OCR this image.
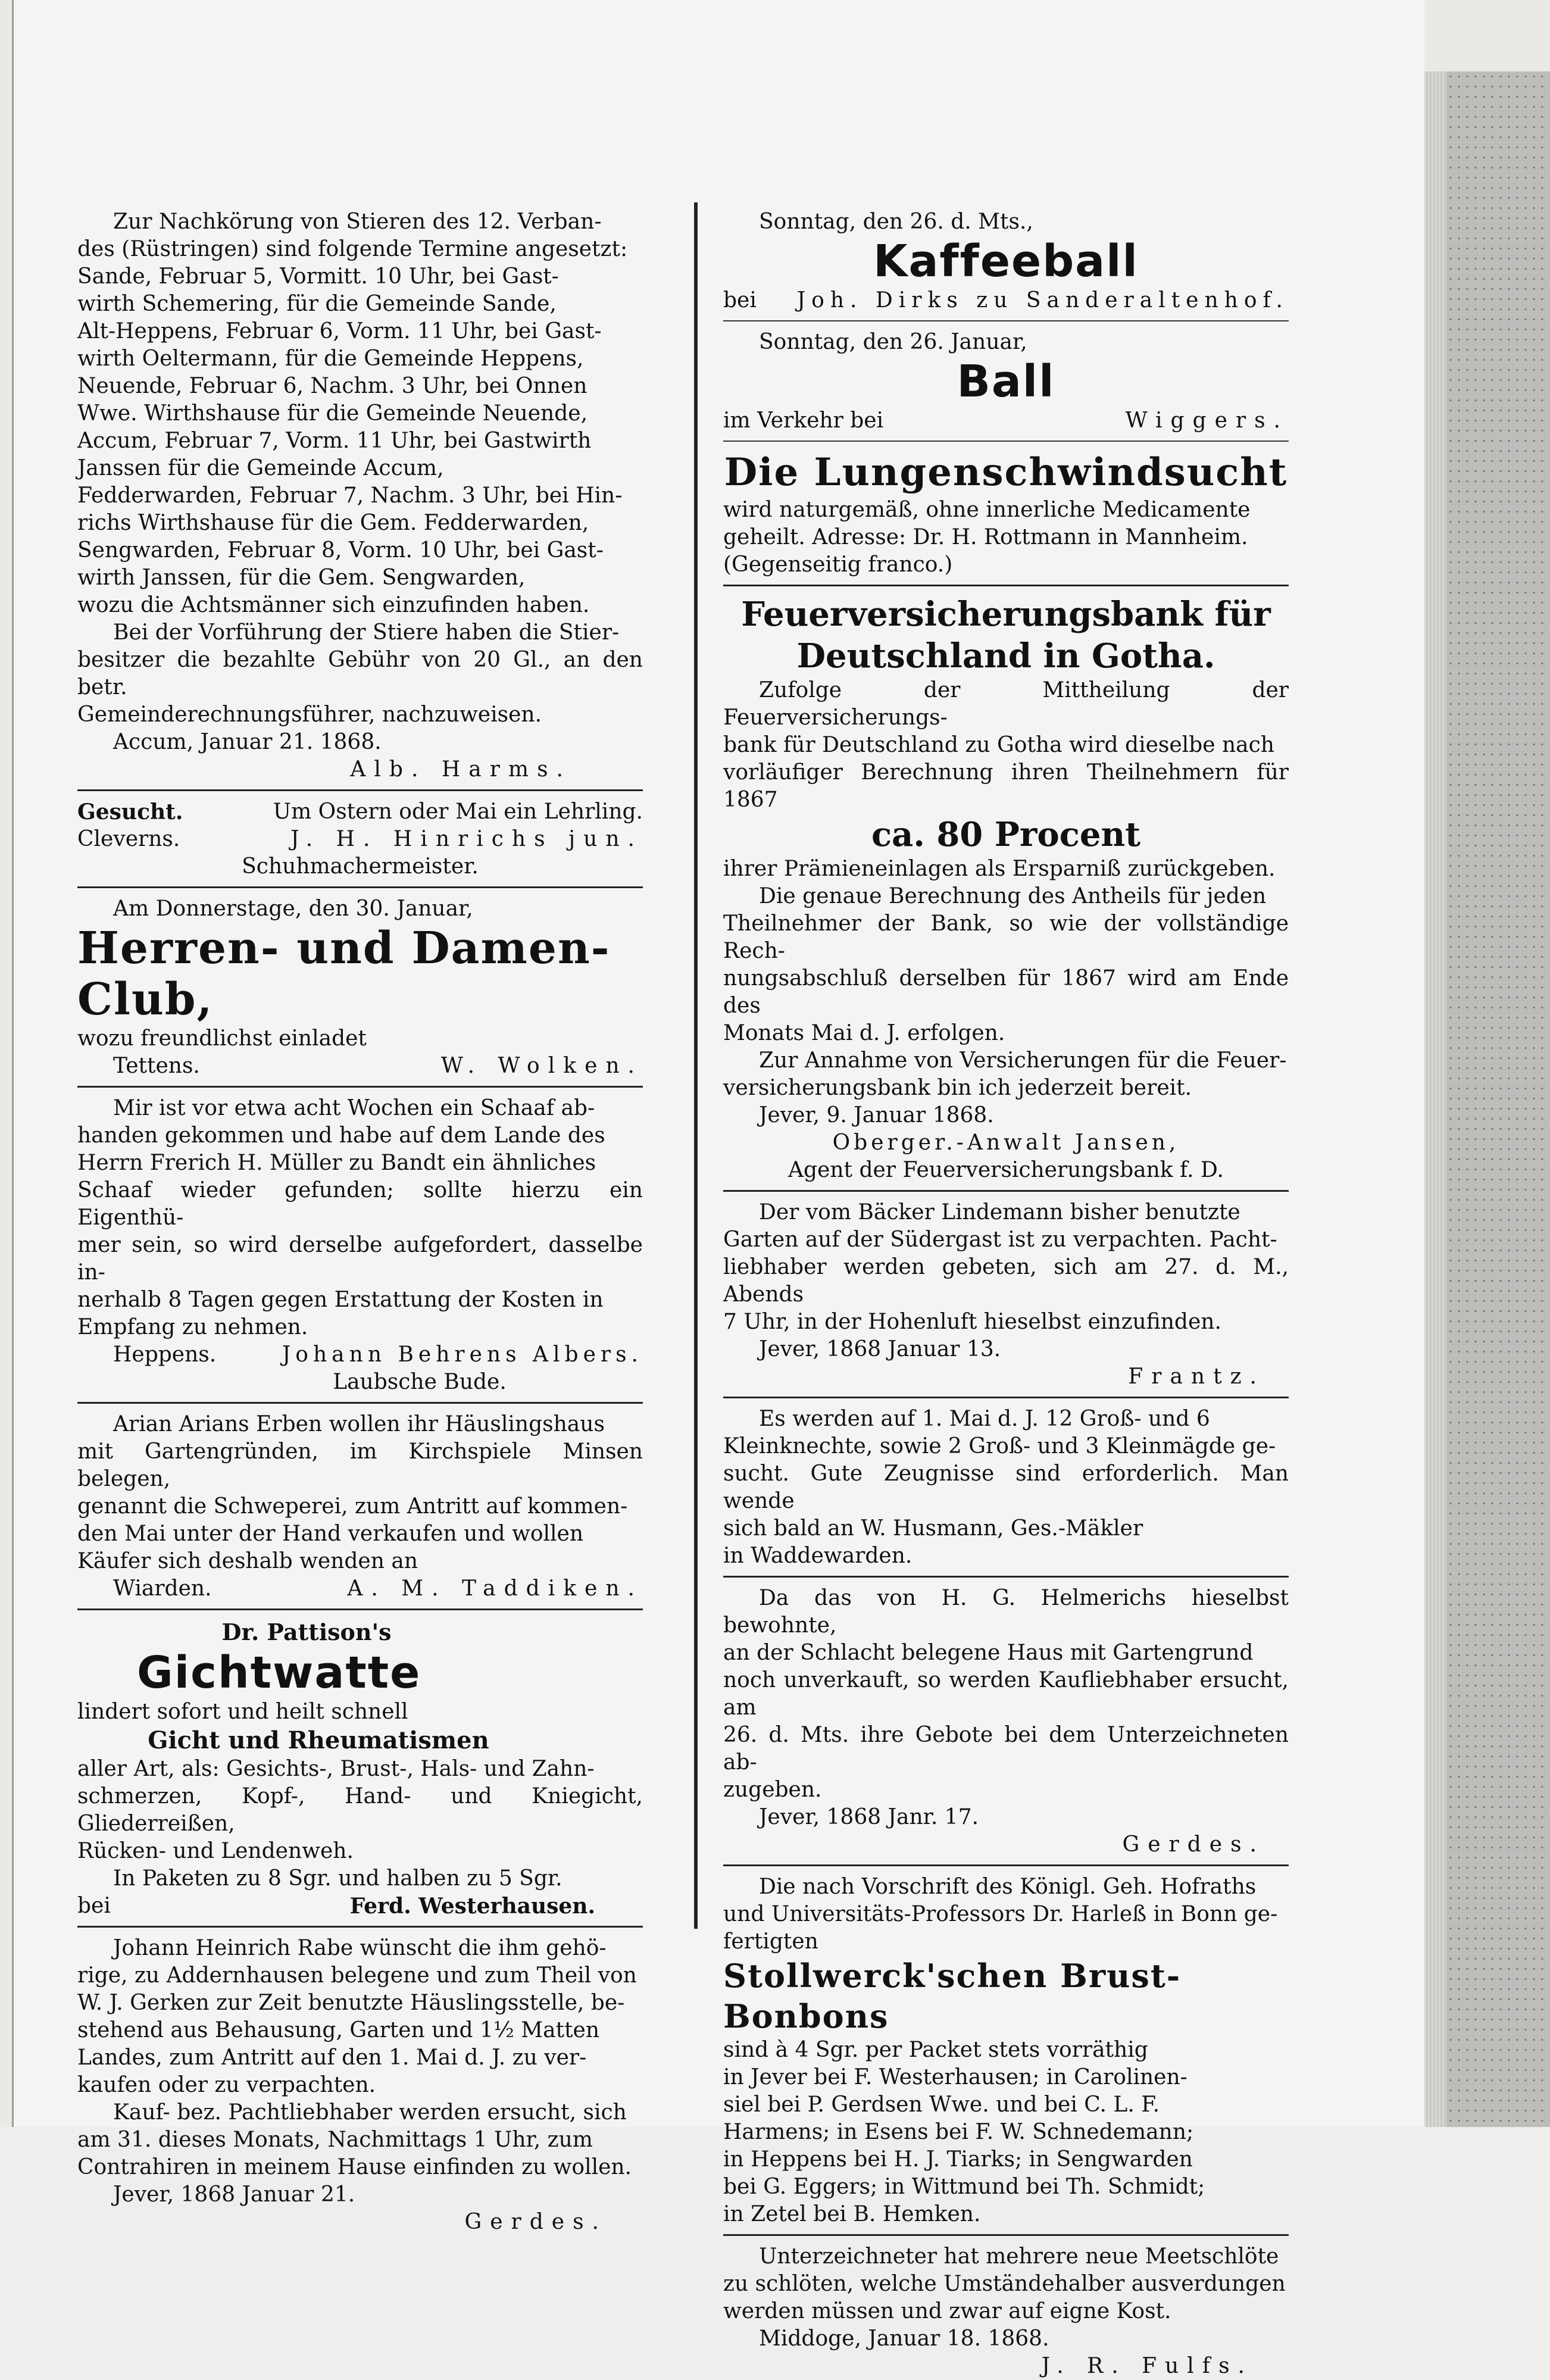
Zur Nachkörung von Stieren des 12. Verban-

des (Rüstringen) sind folgende Termine angesetzt:

Sande, Februar 5, Vormitt. 10 Uhr, bei Gast-

wirth Schemering, für die Gemeinde Sande,

Alt-Heppens, Februar 6, Vorm. 11 Uhr, bei Gast-

wirth Oeltermann, für die Gemeinde Heppens,

Neuende, Februar 6, Nachm. 3 Uhr, bei Onnen

Wwe. Wirthshause für die Gemeinde Neuende,

Accum, Februar 7, Vorm. 11 Uhr, bei Gastwirth

Janssen für die Gemeinde Accum,

Fedderwarden, Februar 7, Nachm. 3 Uhr, bei Hin-

richs Wirthshause für die Gem. Fedderwarden,

Sengwarden, Februar 8, Vorm. 10 Uhr, bei Gast-

wirth Janssen, für die Gem. Sengwarden,

wozu die Achtsmänner sich einzufinden haben.

Bei der Vorführung der Stiere haben die Stier-

besitzer die bezahlte Gebühr von 20 Gl., an den betr.

Gemeinderechnungsführer, nachzuweisen.

Accum, Januar 21. 1868.

Alb. Harms.
Gesucht.	Um Ostern oder Mai ein Lehrling.
Cleverns.	J. H. Hinrichs jun.
Schuhmachermeister.

Am Donnerstage, den 30. Januar,

Herren- und Damen-Club,

wozu freundlichst einladet

Tettens.	W. Wolken.

Mir ist vor etwa acht Wochen ein Schaaf ab-

handen gekommen und habe auf dem Lande des

Herrn Frerich H. Müller zu Bandt ein ähnliches

Schaaf wieder gefunden; sollte hierzu ein Eigenthü-

mer sein, so wird derselbe aufgefordert, dasselbe in-

nerhalb 8 Tagen gegen Erstattung der Kosten in

Empfang zu nehmen.

Heppens.	Johann Behrens Albers.
Laubsche Bude.

Arian Arians Erben wollen ihr Häuslingshaus

mit Gartengründen, im Kirchspiele Minsen belegen,

genannt die Schweperei, zum Antritt auf kommen-

den Mai unter der Hand verkaufen und wollen

Käufer sich deshalb wenden an

Wiarden.	A. M. Taddiken.
Dr. Pattison's
Gichtwatte

lindert sofort und heilt schnell

Gicht und Rheumatismen

aller Art, als: Gesichts-, Brust-, Hals- und Zahn-

schmerzen, Kopf-, Hand- und Kniegicht, Gliederreißen,

Rücken- und Lendenweh.

In Paketen zu 8 Sgr. und halben zu 5 Sgr.

bei	Ferd. Westerhausen.

Johann Heinrich Rabe wünscht die ihm gehö-

rige, zu Addernhausen belegene und zum Theil von

W. J. Gerken zur Zeit benutzte Häuslingsstelle, be-

stehend aus Behausung, Garten und 1½ Matten

Landes, zum Antritt auf den 1. Mai d. J. zu ver-

kaufen oder zu verpachten.

Kauf- bez. Pachtliebhaber werden ersucht, sich

am 31. dieses Monats, Nachmittags 1 Uhr, zum

Contrahiren in meinem Hause einfinden zu wollen.

Jever, 1868 Januar 21.

Gerdes.

Sonntag, den 26. d. Mts.,

Kaffeeball
bei Joh. Dirks zu Sanderaltenhof.

Sonntag, den 26. Januar,

Ball
im Verkehr bei	Wiggers.
Die Lungenschwindsucht

wird naturgemäß, ohne innerliche Medicamente

geheilt. Adresse: Dr. H. Rottmann in Mannheim.

(Gegenseitig franco.)

Feuerversicherungsbank für
Deutschland in Gotha.

Zufolge der Mittheilung der Feuerversicherungs-

bank für Deutschland zu Gotha wird dieselbe nach

vorläufiger Berechnung ihren Theilnehmern für 1867

ca. 80 Procent

ihrer Prämieneinlagen als Ersparniß zurückgeben.

Die genaue Berechnung des Antheils für jeden

Theilnehmer der Bank, so wie der vollständige Rech-

nungsabschluß derselben für 1867 wird am Ende des

Monats Mai d. J. erfolgen.

Zur Annahme von Versicherungen für die Feuer-

versicherungsbank bin ich jederzeit bereit.

Jever, 9. Januar 1868.

Oberger.-Anwalt Jansen,
Agent der Feuerversicherungsbank f. D.

Der vom Bäcker Lindemann bisher benutzte

Garten auf der Südergast ist zu verpachten. Pacht-

liebhaber werden gebeten, sich am 27. d. M., Abends

7 Uhr, in der Hohenluft hieselbst einzufinden.

Jever, 1868 Januar 13.

Frantz.

Es werden auf 1. Mai d. J. 12 Groß- und 6

Kleinknechte, sowie 2 Groß- und 3 Kleinmägde ge-

sucht. Gute Zeugnisse sind erforderlich. Man wende

sich bald an W. Husmann, Ges.-Mäkler

in Waddewarden.

Da das von H. G. Helmerichs hieselbst bewohnte,

an der Schlacht belegene Haus mit Gartengrund

noch unverkauft, so werden Kaufliebhaber ersucht, am

26. d. Mts. ihre Gebote bei dem Unterzeichneten ab-

zugeben.

Jever, 1868 Janr. 17.

Gerdes.

Die nach Vorschrift des Königl. Geh. Hofraths

und Universitäts-Professors Dr. Harleß in Bonn ge-

fertigten

Stollwerck'schen Brust-Bonbons

sind à 4 Sgr. per Packet stets vorräthig

in Jever bei F. Westerhausen; in Carolinen-

siel bei P. Gerdsen Wwe. und bei C. L. F.

Harmens; in Esens bei F. W. Schnedemann;

in Heppens bei H. J. Tiarks; in Sengwarden

bei G. Eggers; in Wittmund bei Th. Schmidt;

in Zetel bei B. Hemken.

Unterzeichneter hat mehrere neue Meetschlöte

zu schlöten, welche Umständehalber ausverdungen

werden müssen und zwar auf eigne Kost.

Middoge, Januar 18. 1868.

J. R. Fulfs.
